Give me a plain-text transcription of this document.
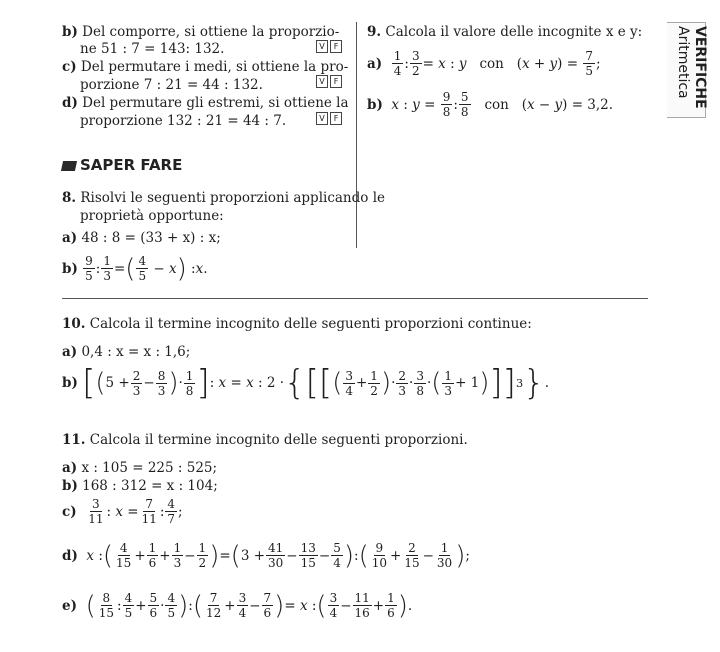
VERIFICHE
Aritmetica
b) Del comporre, si ottiene la proporzio-
ne 51 : 7 = 143: 132.	V F
c) Del permutare i medi, si ottiene la pro-
porzione 7 : 21 = 44 : 132.	V F
d) Del permutare gli estremi, si ottiene la
proporzione 132 : 21 = 44 : 7.	V F
SAPER FARE
8. Risolvi le seguenti proporzioni applicando le
proprietà opportune:
a) 48 : 8 = (33 + x) : x;
b)
$\frac{9}{5}$ : $\frac{1}{3}$ = ( $\frac{4}{5} - x$ ) : x .
9. Calcola il valore delle incognite x e y:
a)
$\frac{1}{4}$ : $\frac{3}{2} = x$ : y
con ( x + y ) = $\frac{7}{5}$ ;
b)
x : $y = \frac{9}{8}$ : $\frac{5}{8}$
con ( x − y ) = 3,2.
10. Calcola il termine incognito delle seguenti proporzioni continue:
a) 0,4 : x = x : 1,6;
b)
[ ( $5 + \frac{2}{3} - \frac{8}{3}$ ) · $\frac{1}{8}$ ] : x = x : 2 · {[[ ( $\frac{3}{4} + \frac{1}{2}$ ) · $\frac{2}{3} \cdot \frac{3}{8}$ · ( $\frac{1}{3} + 1$ ) ]] 3 } .
11. Calcola il termine incognito delle seguenti proporzioni.
a) x : 105 = 225 : 525;
b) 168 : 312 = x : 104;
c)
$\frac{3}{11}$ : $x = \frac{7}{11}$ : $\frac{4}{7}$ ;
d)
x : ( $\frac{4}{15} + \frac{1}{6} + \frac{1}{3} - \frac{1}{2}$ ) = ( $3 + \frac{41}{30} - \frac{13}{15} - \frac{5}{4}$ ) : ( $\frac{9}{10} + \frac{2}{15} - \frac{1}{30}$ ) ;
e)
( $\frac{8}{15}$ : $\frac{4}{5} + \frac{5}{6} \cdot \frac{4}{5}$ ) : ( $\frac{7}{12} + \frac{3}{4} - \frac{7}{6}$ ) = x : ( $\frac{3}{4} - \frac{11}{16} + \frac{1}{6}$ ) .
